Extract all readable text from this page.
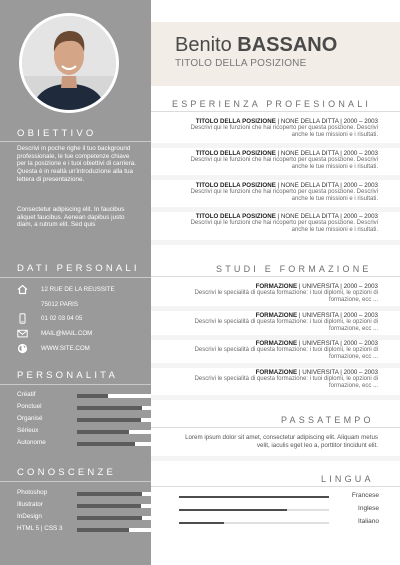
OBIETTIVO
Descrivi in poche righe il tuo background professionale, le tue competenze chiave per la posizione e i tuoi obiettivi di carriera. Questa è in realtà un'introduzione alla tua lettera di presentazione.
Consectetur adipiscing elit. In faucibus aliquet faucibus. Aenean dapibus justo diam, a rutrum elit. Sed quis
DATI PERSONALI
12 RUE DE LA REUSSITE
75012 PARIS
01 02 03 04 05
MAIL@MAIL.COM
WWW.SITE.COM
PERSONALITA
Créatif
Ponctuel
Organisé
Sérieux
Autonome
CONOSCENZE
Photoshop
Illustrator
InDesign
HTML 5 | CSS 3
Benito BASSANO
TITOLO DELLA POSIZIONE
ESPERIENZA PROFESIONALI
TITOLO DELLA POSIZIONE | NONE DELLA DITTA | 2000 – 2003
Descrivi qui le funzioni che hai ricoperto per questa posizione. Descrivi anche le tue missioni e i risultati.
TITOLO DELLA POSIZIONE | NONE DELLA DITTA | 2000 – 2003
Descrivi qui le funzioni che hai ricoperto per questa posizione. Descrivi anche le tue missioni e i risultati.
TITOLO DELLA POSIZIONE | NONE DELLA DITTA | 2000 – 2003
Descrivi qui le funzioni che hai ricoperto per questa posizione. Descrivi anche le tue missioni e i risultati.
TITOLO DELLA POSIZIONE | NONE DELLA DITTA | 2000 – 2003
Descrivi qui le funzioni che hai ricoperto per questa posizione. Descrivi anche le tue missioni e i risultati.
STUDI E FORMAZIONE
FORMAZIONE | UNIVERSITA | 2000 – 2003
Descrivi le specialità di questa formazione: i tuoi diplomi, le opzioni di formazione, ecc ...
FORMAZIONE | UNIVERSITA | 2000 – 2003
Descrivi le specialità di questa formazione: i tuoi diplomi, le opzioni di formazione, ecc ...
FORMAZIONE | UNIVERSITA | 2000 – 2003
Descrivi le specialità di questa formazione: i tuoi diplomi, le opzioni di formazione, ecc ...
FORMAZIONE | UNIVERSITA | 2000 – 2003
Descrivi le specialità di questa formazione: i tuoi diplomi, le opzioni di formazione, ecc ...
PASSATEMPO
Lorem ipsum dolor sit amet, consectetur adipiscing elit. Aliquam metus velit, iaculis eget leo a, porttitor tincidunt elit.
LINGUA
Francese
Inglese
Italiano
